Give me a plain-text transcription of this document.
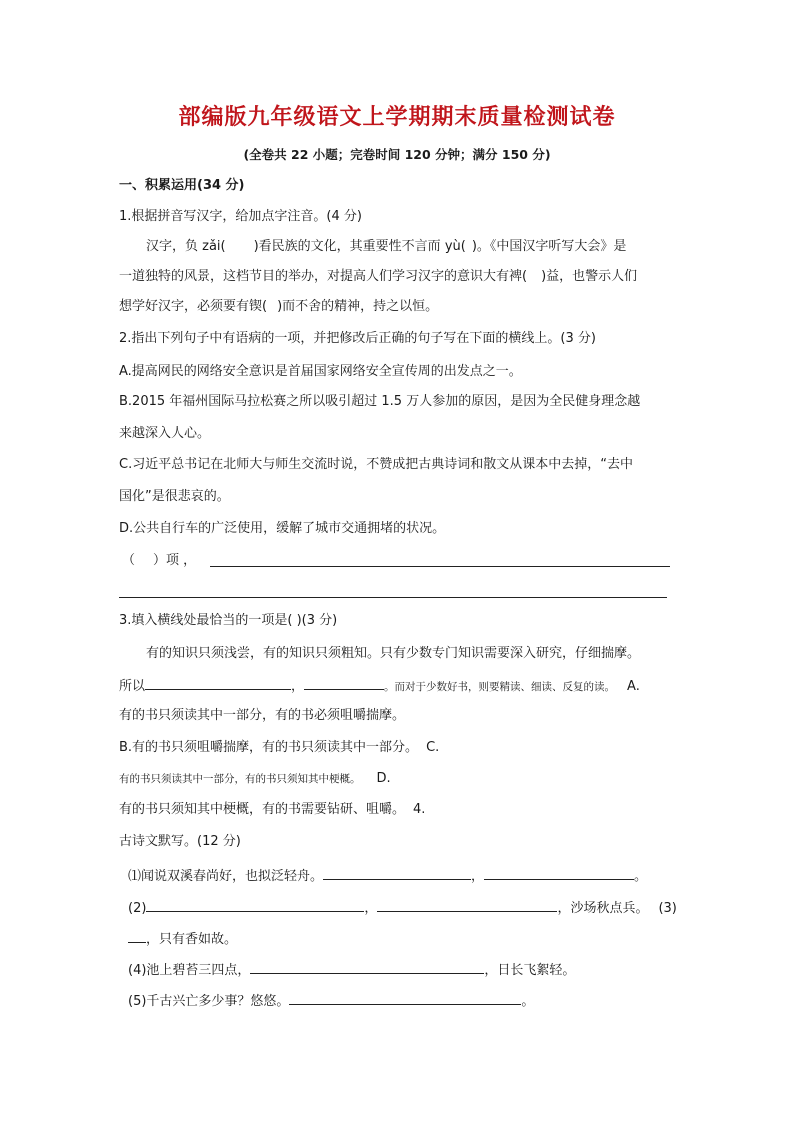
部编版九年级语文上学期期末质量检测试卷
(全卷共 22 小题；完卷时间 120 分钟；满分 150 分)
一、积累运用(34 分)
1.根据拼音写汉字，给加点字注音。(4 分)
汉字，负 zǎi( )看民族的文化，其重要性不言而 yù( )。《中国汉字听写大会》是
一道独特的风景，这档节目的举办，对提高人们学习汉字的意识大有裨( )益，也警示人们
想学好汉字，必须要有锲( )而不舍的精神，持之以恒。
2.指出下列句子中有语病的一项，并把修改后正确的句子写在下面的横线上。(3 分)
A.提高网民的网络安全意识是首届国家网络安全宣传周的出发点之一。
B.2015 年福州国际马拉松赛之所以吸引超过 1.5 万人参加的原因，是因为全民健身理念越
来越深入人心。
C.习近平总书记在北师大与师生交流时说，不赞成把古典诗词和散文从课本中去掉，“去中
国化”是很悲哀的。
D.公共自行车的广泛使用，缓解了城市交通拥堵的状况。
（ ）项 ，
3.填入横线处最恰当的一项是( )(3 分)
有的知识只须浅尝，有的知识只须粗知。只有少数专门知识需要深入研究，仔细揣摩。
所以	，	。而对于少数好书，则要精读、细读、反复的读。 A.
有的书只须读其中一部分，有的书必须咀嚼揣摩。
B.有的书只须咀嚼揣摩，有的书只须读其中一部分。 C.
有的书只须读其中一部分，有的书只须知其中梗概。 D.
有的书只须知其中梗概，有的书需要钻研、咀嚼。 4.
古诗文默写。(12 分)
⑴闻说双溪春尚好，也拟泛轻舟。	，	。
(2)	，	，沙场秋点兵。 (3)
，只有香如故。
(4)池上碧苔三四点，	，日长飞絮轻。
(5)千古兴亡多少事？悠悠。	。
